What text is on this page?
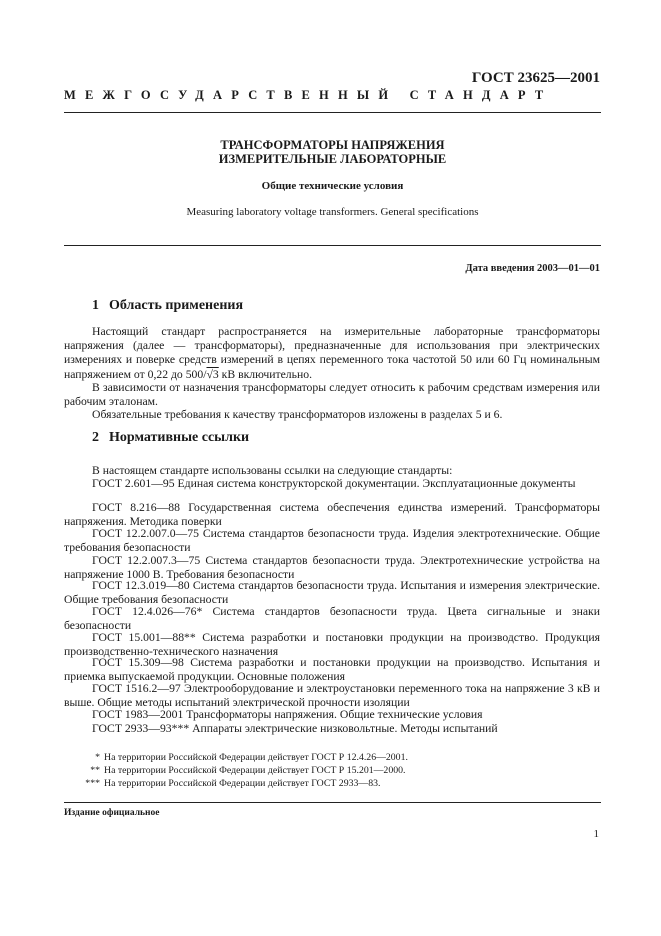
ГОСТ 23625—2001
МЕЖГОСУДАРСТВЕННЫЙ СТАНДАРТ
ТРАНСФОРМАТОРЫ НАПРЯЖЕНИЯ
ИЗМЕРИТЕЛЬНЫЕ ЛАБОРАТОРНЫЕ
Общие технические условия
Measuring laboratory voltage transformers. General specifications
Дата введения 2003—01—01
1 Область применения
Настоящий стандарт распространяется на измерительные лабораторные трансформаторы напряжения (далее — трансформаторы), предназначенные для использования при электрических измерениях и поверке средств измерений в цепях переменного тока частотой 50 или 60 Гц номинальным напряжением от 0,22 до 500/√3 кВ включительно.
В зависимости от назначения трансформаторы следует относить к рабочим средствам измерения или рабочим эталонам.
Обязательные требования к качеству трансформаторов изложены в разделах 5 и 6.
2 Нормативные ссылки
В настоящем стандарте использованы ссылки на следующие стандарты:
ГОСТ 2.601—95 Единая система конструкторской документации. Эксплуатационные документы
ГОСТ 8.216—88 Государственная система обеспечения единства измерений. Трансформаторы напряжения. Методика поверки
ГОСТ 12.2.007.0—75 Система стандартов безопасности труда. Изделия электротехнические. Общие требования безопасности
ГОСТ 12.2.007.3—75 Система стандартов безопасности труда. Электротехнические устройства на напряжение 1000 В. Требования безопасности
ГОСТ 12.3.019—80 Система стандартов безопасности труда. Испытания и измерения электрические. Общие требования безопасности
ГОСТ 12.4.026—76* Система стандартов безопасности труда. Цвета сигнальные и знаки безопасности
ГОСТ 15.001—88** Система разработки и постановки продукции на производство. Продукция производственно-технического назначения
ГОСТ 15.309—98 Система разработки и постановки продукции на производство. Испытания и приемка выпускаемой продукции. Основные положения
ГОСТ 1516.2—97 Электрооборудование и электроустановки переменного тока на напряжение 3 кВ и выше. Общие методы испытаний электрической прочности изоляции
ГОСТ 1983—2001 Трансформаторы напряжения. Общие технические условия
ГОСТ 2933—93*** Аппараты электрические низковольтные. Методы испытаний
* На территории Российской Федерации действует ГОСТ Р 12.4.26—2001.
** На территории Российской Федерации действует ГОСТ Р 15.201—2000.
*** На территории Российской Федерации действует ГОСТ 2933—83.
Издание официальное
1
